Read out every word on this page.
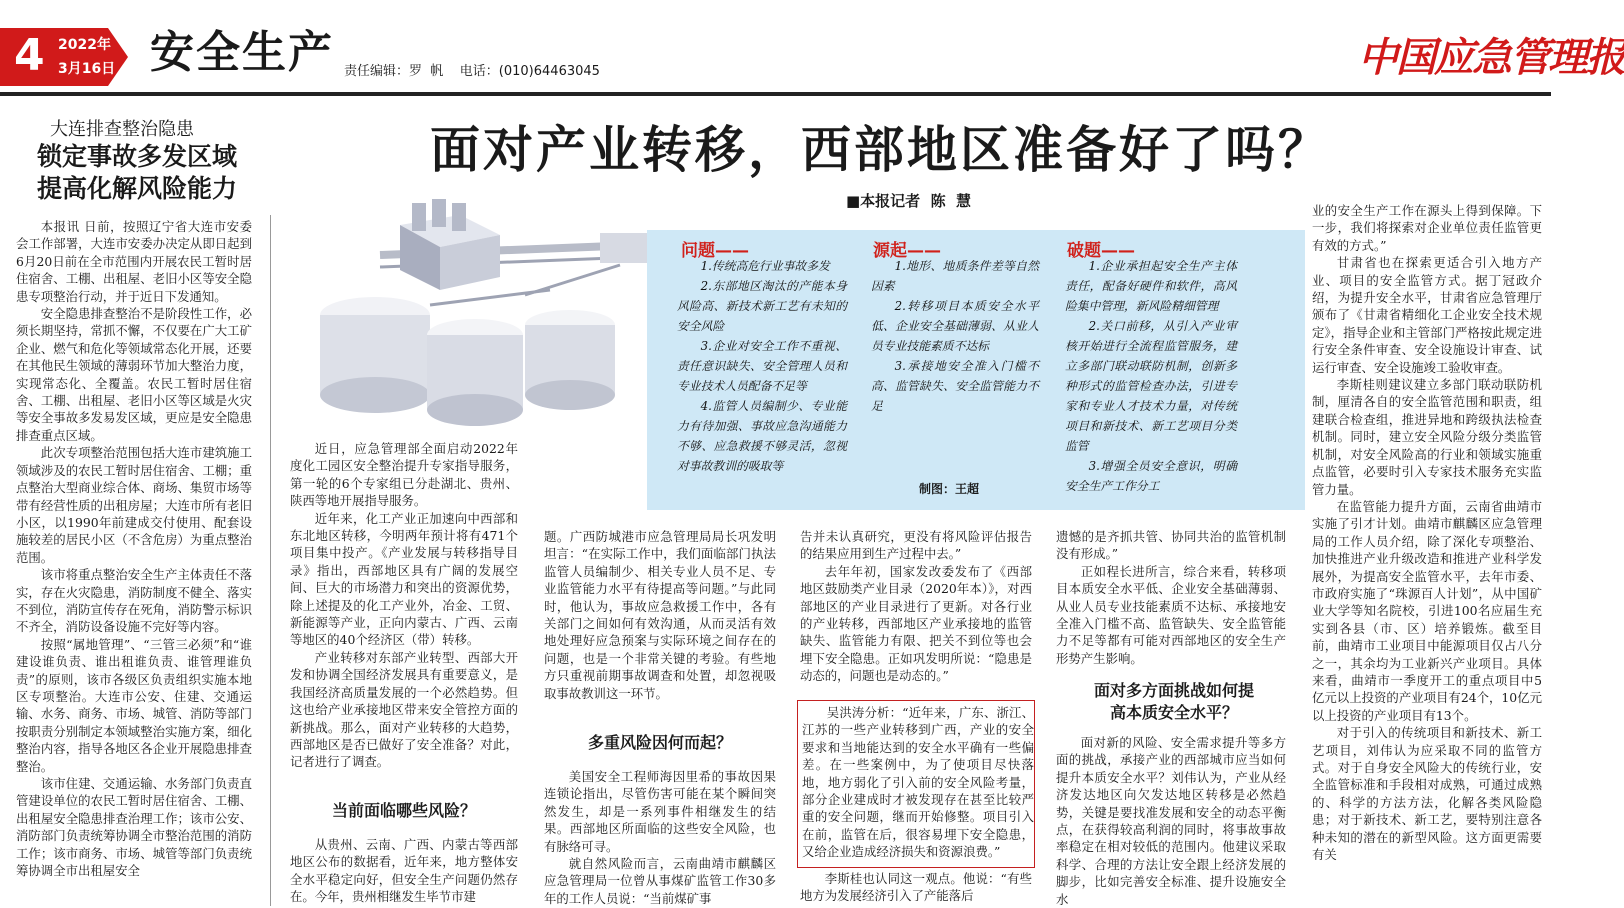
4 2022年
3月16日 安全生产 责任编辑：罗  帆    电话：(010)64463045	中国应急管理报
大连排查整治隐患
锁定事故多发区域
提高化解风险能力

本报讯 日前，按照辽宁省大连市安委会工作部署，大连市安委办决定从即日起到6月20日前在全市范围内开展农民工暂时居住宿舍、工棚、出租屋、老旧小区等安全隐患专项整治行动，并于近日下发通知。

安全隐患排查整治不是阶段性工作，必须长期坚持，常抓不懈，不仅要在广大工矿企业、燃气和危化等领域常态化开展，还要在其他民生领域的薄弱环节加大整治力度，实现常态化、全覆盖。农民工暂时居住宿舍、工棚、出租屋、老旧小区等区域是火灾等安全事故多发易发区域，更应是安全隐患排查重点区域。

此次专项整治范围包括大连市建筑施工领域涉及的农民工暂时居住宿舍、工棚；重点整治大型商业综合体、商场、集贸市场等带有经营性质的出租房屋；大连市所有老旧小区，以1990年前建成交付使用、配套设施较差的居民小区（不含危房）为重点整治范围。

该市将重点整治安全生产主体责任不落实，存在火灾隐患，消防制度不健全、落实不到位，消防宣传存在死角，消防警示标识不齐全，消防设备设施不完好等内容。

按照“属地管理”、“三管三必须”和“谁建设谁负责、谁出租谁负责、谁管理谁负责”的原则，该市各级区负责组织实施本地区专项整治。大连市公安、住建、交通运输、水务、商务、市场、城管、消防等部门按职责分别制定本领域整治实施方案，细化整治内容，指导各地区各企业开展隐患排查整治。

该市住建、交通运输、水务部门负责直管建设单位的农民工暂时居住宿舍、工棚、出租屋安全隐患排查治理工作；该市公安、消防部门负责统筹协调全市整治范围的消防工作；该市商务、市场、城管等部门负责统筹协调全市出租屋安全

面对产业转移，西部地区准备好了吗？
■本报记者  陈  慧
问题——

1.传统高危行业事故多发

2.东部地区淘汰的产能本身风险高、新技术新工艺有未知的安全风险

3.企业对安全工作不重视、责任意识缺失、安全管理人员和专业技术人员配备不足等

4.监管人员编制少、专业能力有待加强、事故应急沟通能力不够、应急救援不够灵活，忽视对事故教训的吸取等

源起——

1.地形、地质条件差等自然因素

2.转移项目本质安全水平低、企业安全基础薄弱、从业人员专业技能素质不达标

3.承接地安全准入门槛不高、监管缺失、安全监管能力不足

破题——

1.企业承担起安全生产主体责任，配备好硬件和软件，高风险集中管理，新风险精细管理

2.关口前移，从引入产业审核开始进行全流程监管服务，建立多部门联动联防机制，创新多种形式的监管检查办法，引进专家和专业人才技术力量，对传统项目和新技术、新工艺项目分类监管

3.增强全员安全意识，明确安全生产工作分工

制图：王超

近日，应急管理部全面启动2022年度化工园区安全整治提升专家指导服务，第一轮的6个专家组已分赴湖北、贵州、陕西等地开展指导服务。

近年来，化工产业正加速向中西部和东北地区转移，今明两年预计将有471个项目集中投产。《产业发展与转移指导目录》指出，西部地区具有广阔的发展空间、巨大的市场潜力和突出的资源优势，除上述提及的化工产业外，冶金、工贸、新能源等产业，正向内蒙古、广西、云南等地区的40个经济区（带）转移。

产业转移对东部产业转型、西部大开发和协调全国经济发展具有重要意义，是我国经济高质量发展的一个必然趋势。但这也给产业承接地区带来安全管控方面的新挑战。那么，面对产业转移的大趋势，西部地区是否已做好了安全准备？对此，记者进行了调查。

当前面临哪些风险？

从贵州、云南、广西、内蒙古等西部地区公布的数据看，近年来，地方整体安全水平稳定向好，但安全生产问题仍然存在。今年，贵州相继发生毕节市建

题。广西防城港市应急管理局局长巩发明坦言：“在实际工作中，我们面临部门执法监管人员编制少、相关专业人员不足、专业监管能力水平有待提高等问题。”与此同时，他认为，事故应急救援工作中，各有关部门之间如何有效沟通，从而灵活有效地处理好应急预案与实际环境之间存在的问题，也是一个非常关键的考验。有些地方只重视前期事故调查和处置，却忽视吸取事故教训这一环节。

多重风险因何而起？

美国安全工程师海因里希的事故因果连锁论指出，尽管伤害可能在某个瞬间突然发生，却是一系列事件相继发生的结果。西部地区所面临的这些安全风险，也有脉络可寻。

就自然风险而言，云南曲靖市麒麟区应急管理局一位曾从事煤矿监管工作30多年的工作人员说：“当前煤矿事

告并未认真研究，更没有将风险评估报告的结果应用到生产过程中去。”

去年年初，国家发改委发布了《西部地区鼓励类产业目录（2020年本）》，对西部地区的产业目录进行了更新。对各行业的产业转移，西部地区产业承接地的监管缺失、监管能力有限、把关不到位等也会埋下安全隐患。正如巩发明所说：“隐患是动态的，问题也是动态的。”

吴洪涛分析：“近年来，广东、浙江、江苏的一些产业转移到广西，产业的安全要求和当地能达到的安全水平确有一些偏差。在一些案例中，为了使项目尽快落地，地方弱化了引入前的安全风险考量，部分企业建成时才被发现存在甚至比较严重的安全问题，继而开始修整。项目引入在前，监管在后，很容易埋下安全隐患，又给企业造成经济损失和资源浪费。”

李斯桂也认同这一观点。他说：“有些地方为发展经济引入了产能落后

遗憾的是齐抓共管、协同共治的监管机制没有形成。”

正如程长进所言，综合来看，转移项目本质安全水平低、企业安全基础薄弱、从业人员专业技能素质不达标、承接地安全准入门槛不高、监管缺失、安全监管能力不足等都有可能对西部地区的安全生产形势产生影响。

面对多方面挑战如何提
高本质安全水平？

面对新的风险、安全需求提升等多方面的挑战，承接产业的西部城市应当如何提升本质安全水平？刘伟认为，产业从经济发达地区向欠发达地区转移是必然趋势，关键是要找准发展和安全的动态平衡点，在获得较高利润的同时，将事故事故率稳定在相对较低的范围内。他建议采取科学、合理的方法让安全跟上经济发展的脚步，比如完善安全标准、提升设施安全水

业的安全生产工作在源头上得到保障。下一步，我们将探索对企业单位责任监管更有效的方式。”

甘肃省也在探索更适合引入地方产业、项目的安全监管方式。据丁冠政介绍，为提升安全水平，甘肃省应急管理厅颁布了《甘肃省精细化工企业安全技术规定》，指导企业和主管部门严格按此规定进行安全条件审查、安全设施设计审查、试运行审查、安全设施竣工验收审查。

李斯桂则建议建立多部门联动联防机制，厘清各自的安全监管范围和职责，组建联合检查组，推进异地和跨级执法检查机制。同时，建立安全风险分级分类监管机制，对安全风险高的行业和领域实施重点监管，必要时引入专家技术服务充实监管力量。

在监管能力提升方面，云南省曲靖市实施了引才计划。曲靖市麒麟区应急管理局的工作人员介绍，除了深化专项整治、加快推进产业升级改造和推进产业科学发展外，为提高安全监管水平，去年市委、市政府实施了“珠源百人计划”，从中国矿业大学等知名院校，引进100名应届生充实到各县（市、区）培养锻炼。截至目前，曲靖市工业项目中能源项目仅占八分之一，其余均为工业新兴产业项目。具体来看，曲靖市一季度开工的重点项目中5亿元以上投资的产业项目有24个，10亿元以上投资的产业项目有13个。

对于引入的传统项目和新技术、新工艺项目，刘伟认为应采取不同的监管方式。对于自身安全风险大的传统行业，安全监管标准和手段相对成熟，可通过成熟的、科学的方法方法，化解各类风险隐患；对于新技术、新工艺，要特别注意各种未知的潜在的新型风险。这方面更需要有关
